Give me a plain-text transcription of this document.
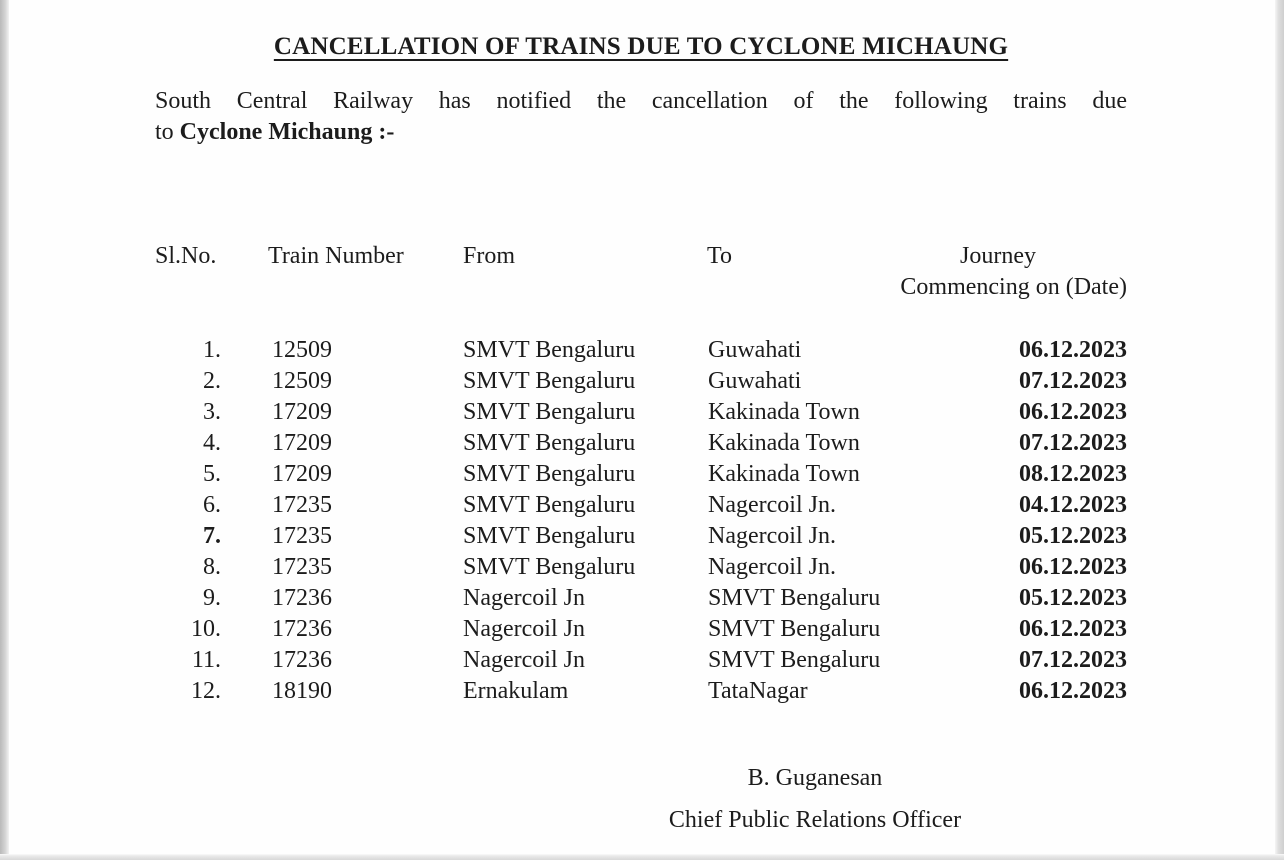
CANCELLATION OF TRAINS DUE TO CYCLONE MICHAUNG
South Central Railway has notified the cancellation of the following trains due
to Cyclone Michaung :-
Sl.No. Train Number From	To	Journey
Commencing on (Date)
1. 12509	SMVT Bengaluru	Guwahati	06.12.2023
2. 12509	SMVT Bengaluru	Guwahati	07.12.2023
3. 17209	SMVT Bengaluru	Kakinada Town	06.12.2023
4. 17209	SMVT Bengaluru	Kakinada Town	07.12.2023
5. 17209	SMVT Bengaluru	Kakinada Town	08.12.2023
6. 17235	SMVT Bengaluru	Nagercoil Jn.	04.12.2023
7. 17235	SMVT Bengaluru	Nagercoil Jn.	05.12.2023
8. 17235	SMVT Bengaluru	Nagercoil Jn.	06.12.2023
9. 17236	Nagercoil Jn	SMVT Bengaluru	05.12.2023
10. 17236	Nagercoil Jn	SMVT Bengaluru	06.12.2023
11. 17236	Nagercoil Jn	SMVT Bengaluru	07.12.2023
12. 18190	Ernakulam	TataNagar	06.12.2023
B. Guganesan
Chief Public Relations Officer
